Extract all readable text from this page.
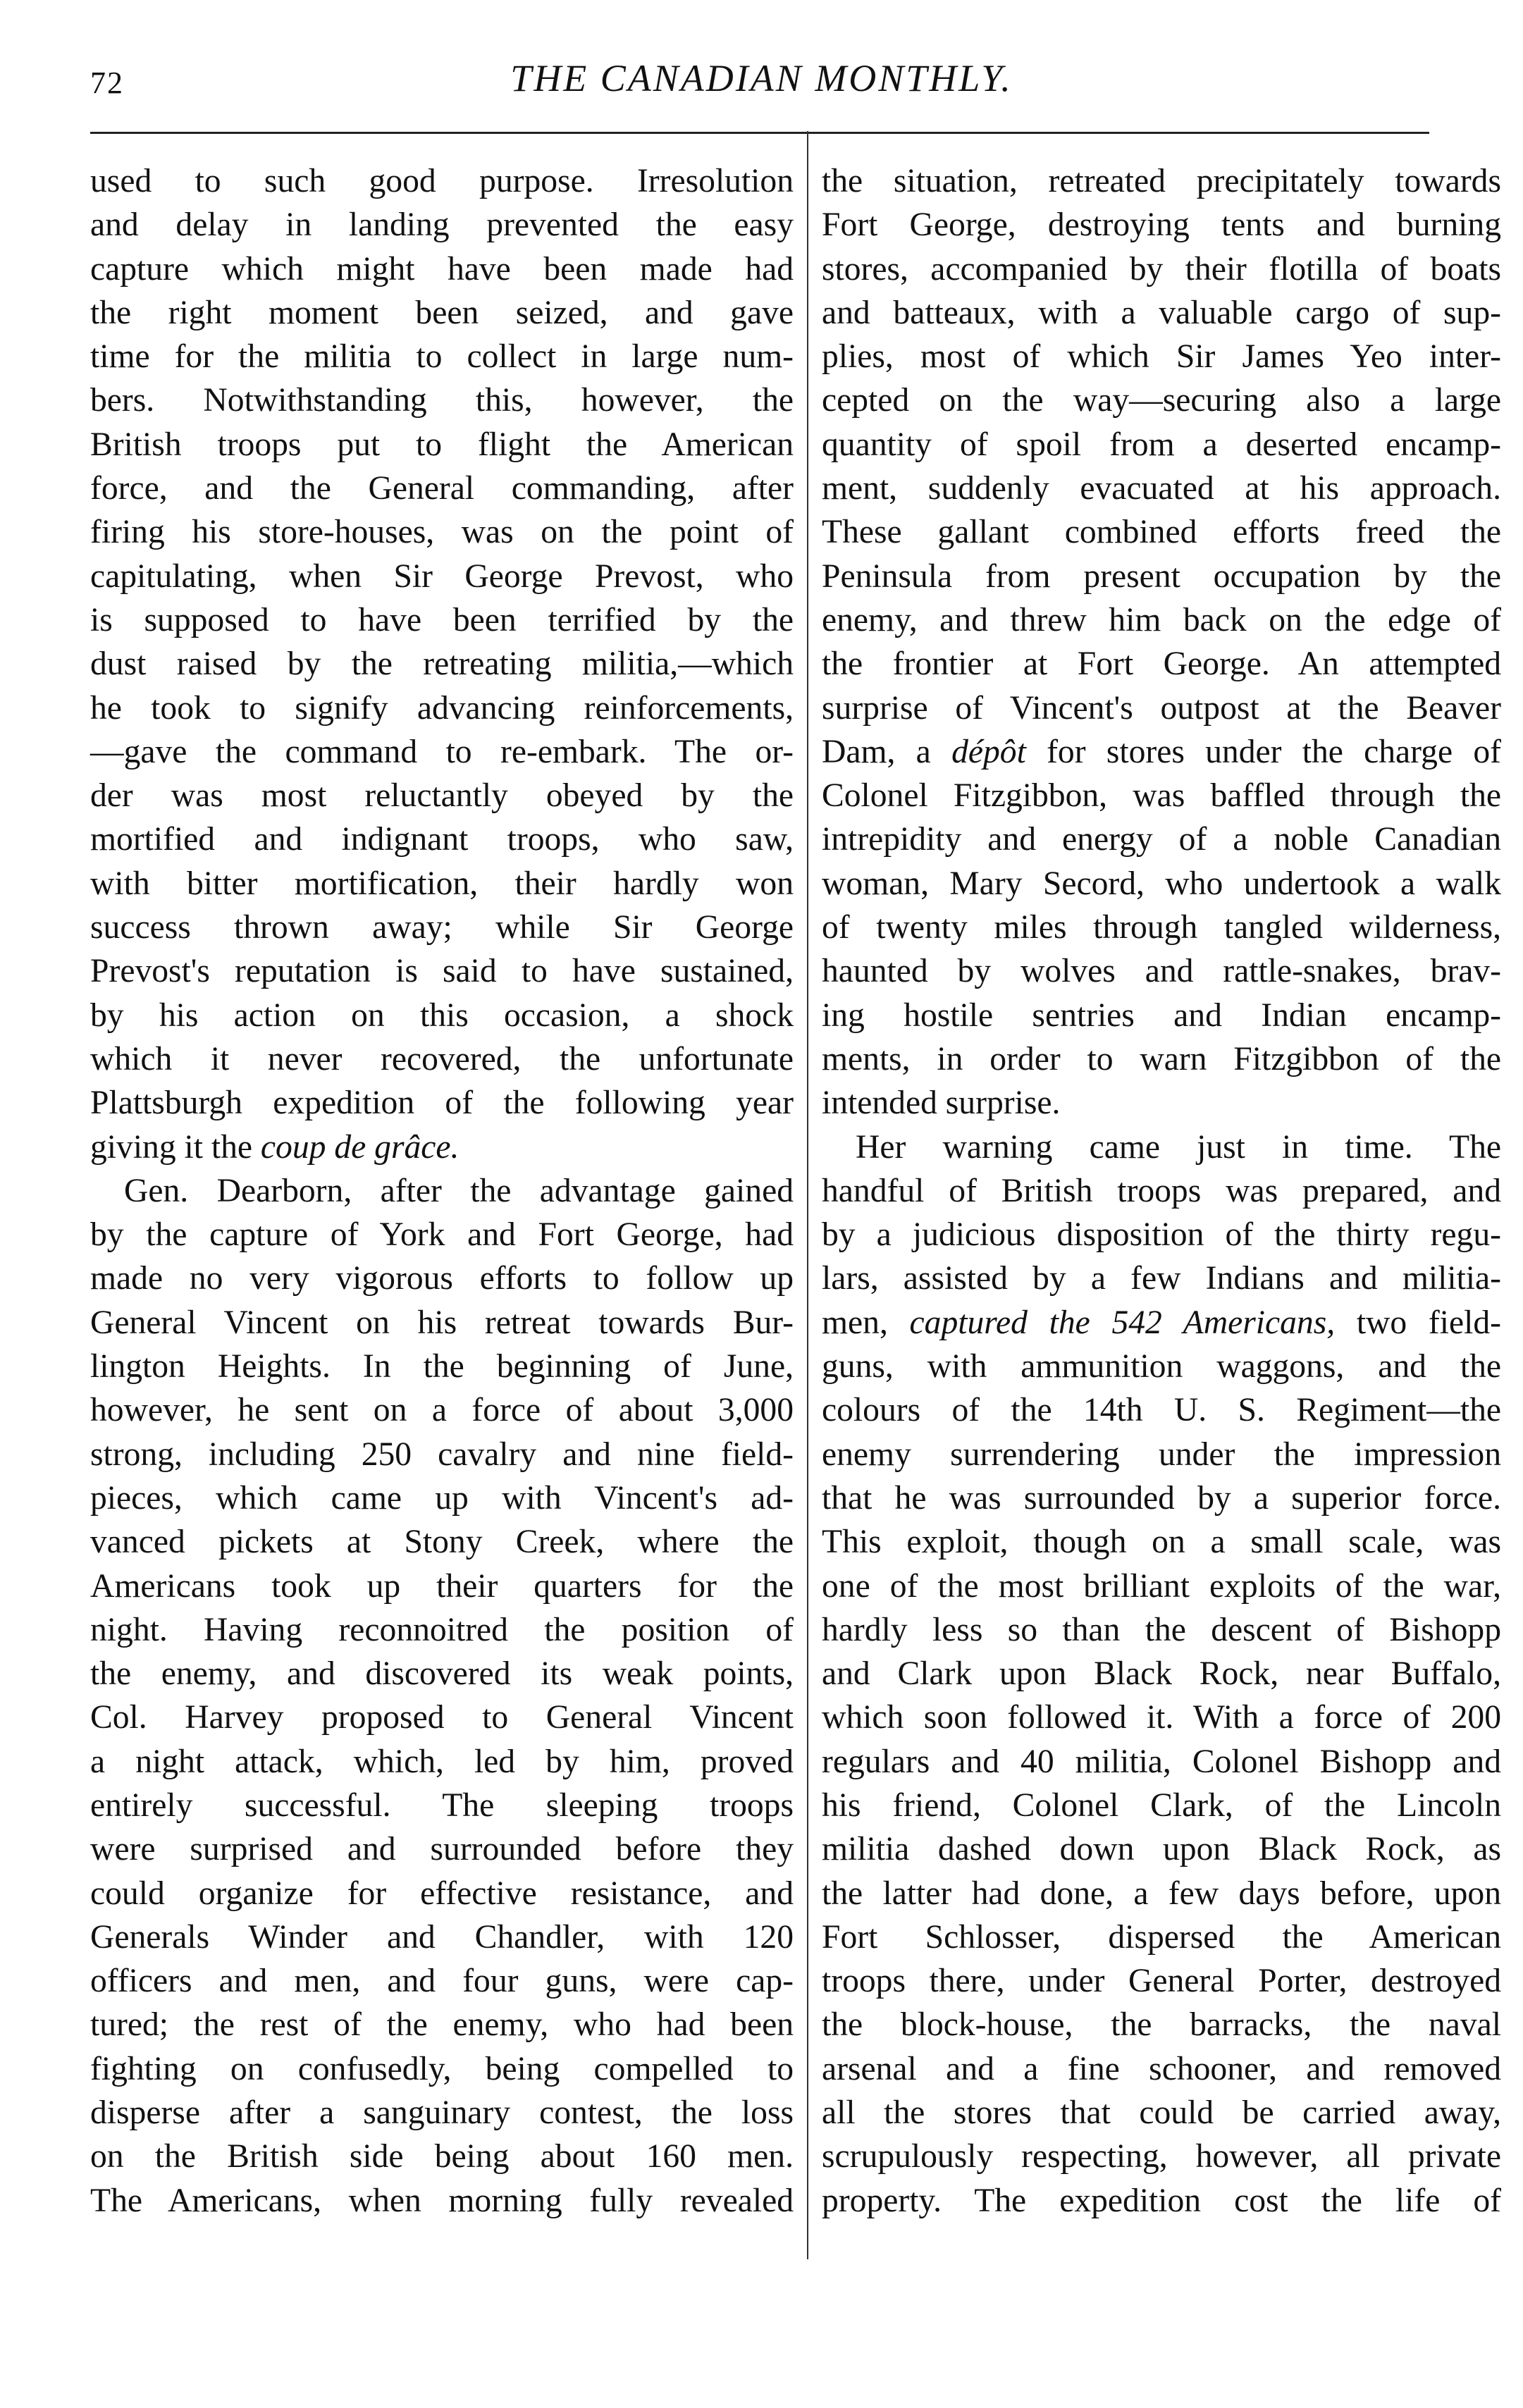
72	THE CANADIAN MONTHLY.
used to such good purpose. Irresolution
and delay in landing prevented the easy
capture which might have been made had
the right moment been seized, and gave
time for the militia to collect in large num-
bers. Notwithstanding this, however, the
British troops put to flight the American
force, and the General commanding, after
firing his store-houses, was on the point of
capitulating, when Sir George Prevost, who
is supposed to have been terrified by the
dust raised by the retreating militia,—which
he took to signify advancing reinforcements,
—gave the command to re-embark. The or-
der was most reluctantly obeyed by the
mortified and indignant troops, who saw,
with bitter mortification, their hardly won
success thrown away; while Sir George
Prevost's reputation is said to have sustained,
by his action on this occasion, a shock
which it never recovered, the unfortunate
Plattsburgh expedition of the following year
giving it the coup de grâce.
Gen. Dearborn, after the advantage gained
by the capture of York and Fort George, had
made no very vigorous efforts to follow up
General Vincent on his retreat towards Bur-
lington Heights. In the beginning of June,
however, he sent on a force of about 3,000
strong, including 250 cavalry and nine field-
pieces, which came up with Vincent's ad-
vanced pickets at Stony Creek, where the
Americans took up their quarters for the
night. Having reconnoitred the position of
the enemy, and discovered its weak points,
Col. Harvey proposed to General Vincent
a night attack, which, led by him, proved
entirely successful. The sleeping troops
were surprised and surrounded before they
could organize for effective resistance, and
Generals Winder and Chandler, with 120
officers and men, and four guns, were cap-
tured; the rest of the enemy, who had been
fighting on confusedly, being compelled to
disperse after a sanguinary contest, the loss
on the British side being about 160 men.
The Americans, when morning fully revealed
the situation, retreated precipitately towards
Fort George, destroying tents and burning
stores, accompanied by their flotilla of boats
and batteaux, with a valuable cargo of sup-
plies, most of which Sir James Yeo inter-
cepted on the way—securing also a large
quantity of spoil from a deserted encamp-
ment, suddenly evacuated at his approach.
These gallant combined efforts freed the
Peninsula from present occupation by the
enemy, and threw him back on the edge of
the frontier at Fort George. An attempted
surprise of Vincent's outpost at the Beaver
Dam, a dépôt for stores under the charge of
Colonel Fitzgibbon, was baffled through the
intrepidity and energy of a noble Canadian
woman, Mary Secord, who undertook a walk
of twenty miles through tangled wilderness,
haunted by wolves and rattle-snakes, brav-
ing hostile sentries and Indian encamp-
ments, in order to warn Fitzgibbon of the
intended surprise.
Her warning came just in time. The
handful of British troops was prepared, and
by a judicious disposition of the thirty regu-
lars, assisted by a few Indians and militia-
men, captured the 542 Americans, two field-
guns, with ammunition waggons, and the
colours of the 14th U. S. Regiment—the
enemy surrendering under the impression
that he was surrounded by a superior force.
This exploit, though on a small scale, was
one of the most brilliant exploits of the war,
hardly less so than the descent of Bishopp
and Clark upon Black Rock, near Buffalo,
which soon followed it. With a force of 200
regulars and 40 militia, Colonel Bishopp and
his friend, Colonel Clark, of the Lincoln
militia dashed down upon Black Rock, as
the latter had done, a few days before, upon
Fort Schlosser, dispersed the American
troops there, under General Porter, destroyed
the block-house, the barracks, the naval
arsenal and a fine schooner, and removed
all the stores that could be carried away,
scrupulously respecting, however, all private
property. The expedition cost the life of
